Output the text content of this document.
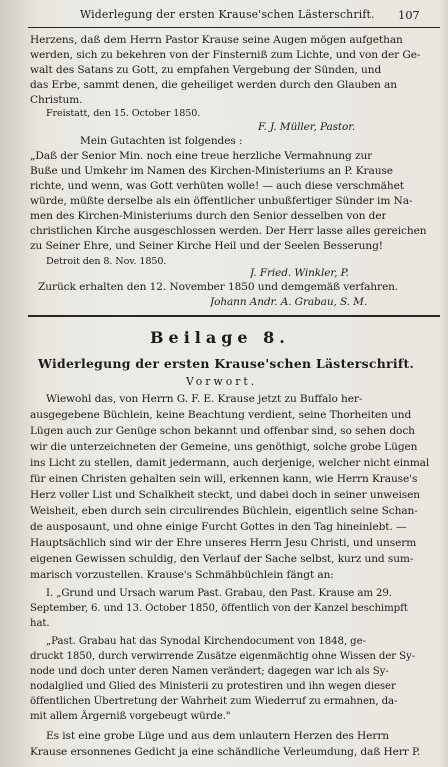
Widerlegung der ersten Krause'schen Lästerschrift. 107
Herzens, daß dem Herrn Pastor Krause seine Augen mögen aufgethan
werden, sich zu bekehren von der Finsterniß zum Lichte, und von der Ge-
walt des Satans zu Gott, zu empfahen Vergebung der Sünden, und
das Erbe, sammt denen, die geheiliget werden durch den Glauben an
Christum.
Freistatt, den 15. October 1850.
F. J. Müller, Pastor.
Mein Gutachten ist folgendes :
„Daß der Senior Min. noch eine treue herzliche Vermahnung zur
Buße und Umkehr im Namen des Kirchen-Ministeriums an P. Krause
richte, und wenn, was Gott verhüten wolle! — auch diese verschmähet
würde, müßte derselbe als ein öffentlicher unbußfertiger Sünder im Na-
men des Kirchen-Ministeriums durch den Senior desselben von der
christlichen Kirche ausgeschlossen werden. Der Herr lasse alles gereichen
zu Seiner Ehre, und Seiner Kirche Heil und der Seelen Besserung!
Detroit den 8. Nov. 1850.
J. Fried. Winkler, P.
Zurück erhalten den 12. November 1850 und demgemäß verfahren.
Johann Andr. A. Grabau, S. M.
Beilage 8.
Widerlegung der ersten Krause'schen Lästerschrift.
Vorwort.
Wiewohl das, von Herrn G. F. E. Krause jetzt zu Buffalo her-
ausgegebene Büchlein, keine Beachtung verdient, seine Thorheiten und
Lügen auch zur Genüge schon bekannt und offenbar sind, so sehen doch
wir die unterzeichneten der Gemeine, uns genöthigt, solche grobe Lügen
ins Licht zu stellen, damit jedermann, auch derjenige, welcher nicht einmal
für einen Christen gehalten sein will, erkennen kann, wie Herrn Krause's
Herz voller List und Schalkheit steckt, und dabei doch in seiner unweisen
Weisheit, eben durch sein circulirendes Büchlein, eigentlich seine Schan-
de ausposaunt, und ohne einige Furcht Gottes in den Tag hineinlebt. —
Hauptsächlich sind wir der Ehre unseres Herrn Jesu Christi, und unserm
eigenen Gewissen schuldig, den Verlauf der Sache selbst, kurz und sum-
marisch vorzustellen. Krause's Schmähbüchlein fängt an:
I. „Grund und Ursach warum Past. Grabau, den Past. Krause am 29.
September, 6. und 13. October 1850, öffentlich von der Kanzel beschimpft
hat.
„Past. Grabau hat das Synodal Kirchendocument von 1848, ge-
druckt 1850, durch verwirrende Zusätze eigenmächtig ohne Wissen der Sy-
node und doch unter deren Namen verändert; dagegen war ich als Sy-
nodalglied und Glied des Ministerii zu protestiren und ihn wegen dieser
öffentlichen Übertretung der Wahrheit zum Wiederruf zu ermahnen, da-
mit allem Ärgerniß vorgebeugt würde."
Es ist eine grobe Lüge und aus dem unlautern Herzen des Herrn
Krause ersonnenes Gedicht ja eine schändliche Verleumdung, daß Herr P.
